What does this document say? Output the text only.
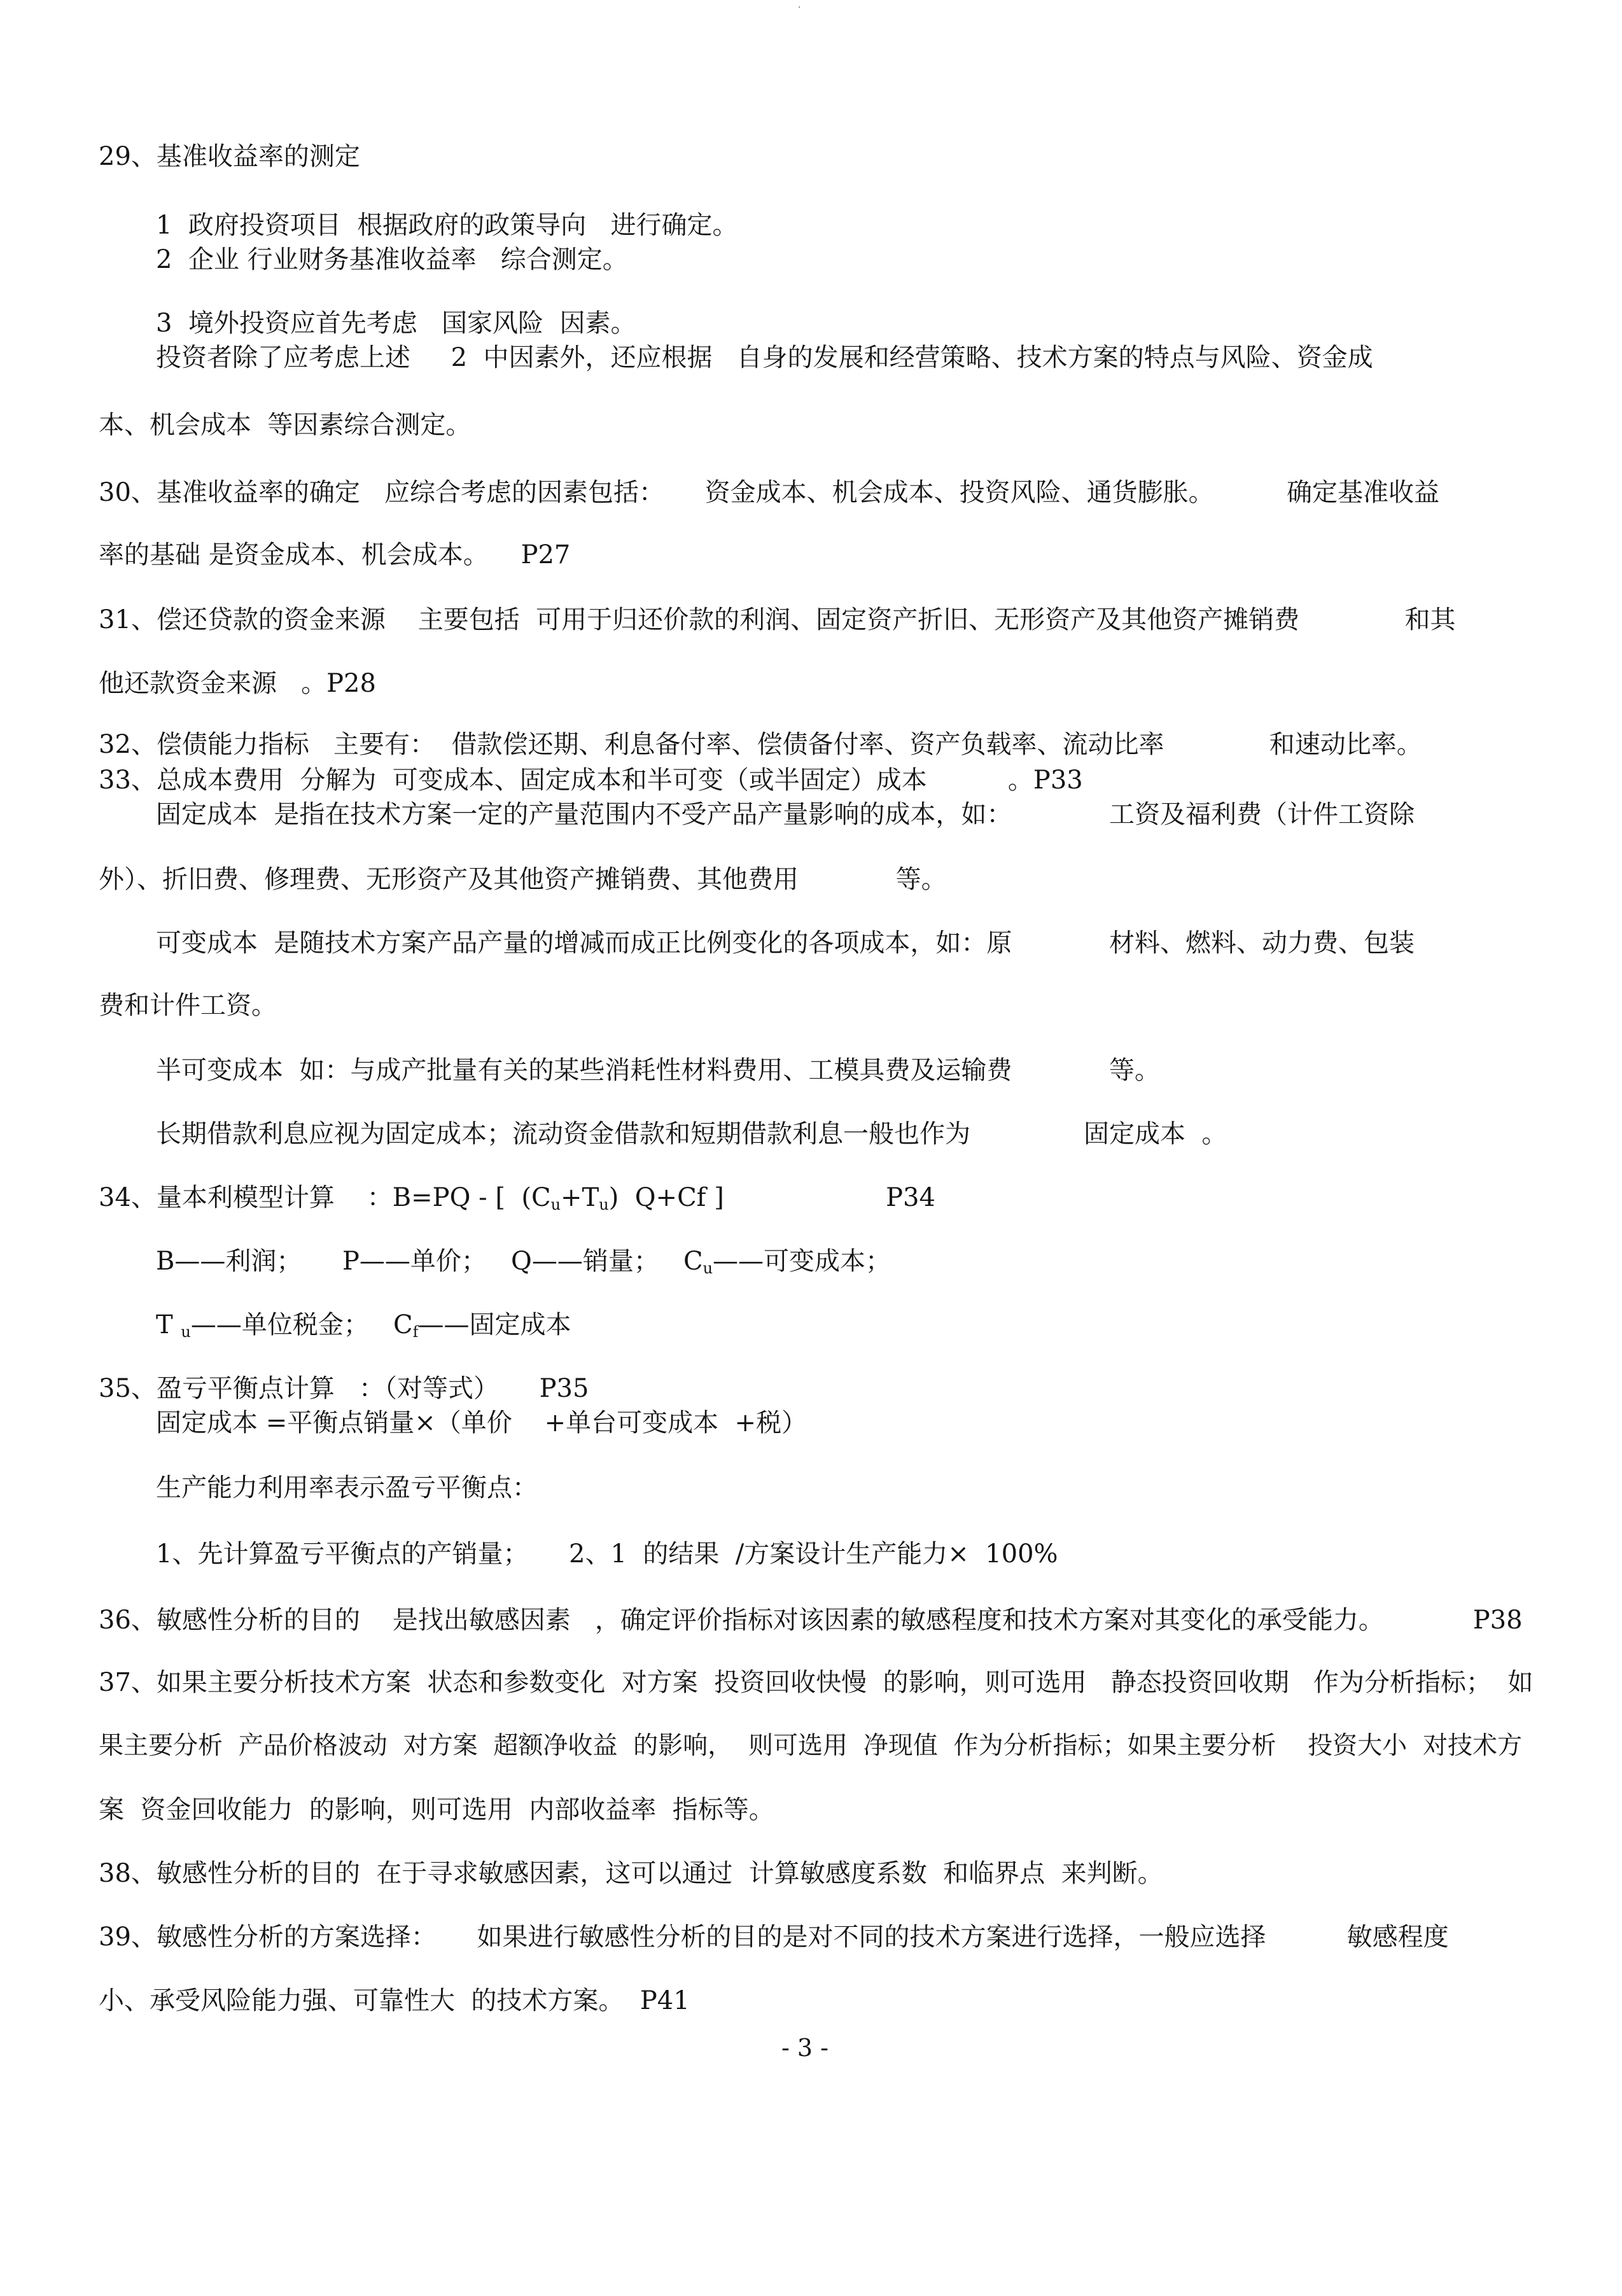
·

29、基准收益率的测定

1  政府投资项目  根据政府的政策导向   进行确定。

2  企业 行业财务基准收益率   综合测定。

3  境外投资应首先考虑   国家风险  因素。

投资者除了应考虑上述     2  中因素外，还应根据   自身的发展和经营策略、技术方案的特点与风险、资金成

本、机会成本  等因素综合测定。

30、基准收益率的确定   应综合考虑的因素包括：     资金成本、机会成本、投资风险、通货膨胀。         确定基准收益

率的基础 是资金成本、机会成本。    P27

31、偿还贷款的资金来源    主要包括  可用于归还价款的利润、固定资产折旧、无形资产及其他资产摊销费             和其

他还款资金来源   。P28

32、偿债能力指标   主要有：  借款偿还期、利息备付率、偿债备付率、资产负载率、流动比率             和速动比率。

33、总成本费用  分解为  可变成本、固定成本和半可变（或半固定）成本          。P33

固定成本  是指在技术方案一定的产量范围内不受产品产量影响的成本，如：            工资及福利费（计件工资除

外）、折旧费、修理费、无形资产及其他资产摊销费、其他费用            等。

可变成本  是随技术方案产品产量的增减而成正比例变化的各项成本，如：原            材料、燃料、动力费、包装

费和计件工资。

半可变成本  如：与成产批量有关的某些消耗性材料费用、工模具费及运输费            等。

长期借款利息应视为固定成本；流动资金借款和短期借款利息一般也作为              固定成本  。

34、量本利模型计算    ：B=PQ - [  $(C_u+T_u)$  Q+Cf ]                    P34

B——利润；     P——单价；   Q——销量；   $C_u——$可变成本；

T $_u$——单位税金；   $C_f——$固定成本

35、盈亏平衡点计算   ：（对等式）     P35

固定成本 =平衡点销量×（单价    +单台可变成本  +税）

生产能力利用率表示盈亏平衡点：

1、先计算盈亏平衡点的产销量；     2、1  的结果  /方案设计生产能力×  100%

36、敏感性分析的目的    是找出敏感因素   ，确定评价指标对该因素的敏感程度和技术方案对其变化的承受能力。           P38

37、如果主要分析技术方案  状态和参数变化  对方案  投资回收快慢  的影响，则可选用   静态投资回收期   作为分析指标；  如

果主要分析  产品价格波动  对方案  超额净收益  的影响，  则可选用  净现值  作为分析指标；如果主要分析    投资大小  对技术方

案  资金回收能力  的影响，则可选用  内部收益率  指标等。

38、敏感性分析的目的  在于寻求敏感因素，这可以通过  计算敏感度系数  和临界点  来判断。

39、敏感性分析的方案选择：     如果进行敏感性分析的目的是对不同的技术方案进行选择，一般应选择          敏感程度

小、承受风险能力强、可靠性大  的技术方案。  P41

- 3 -
